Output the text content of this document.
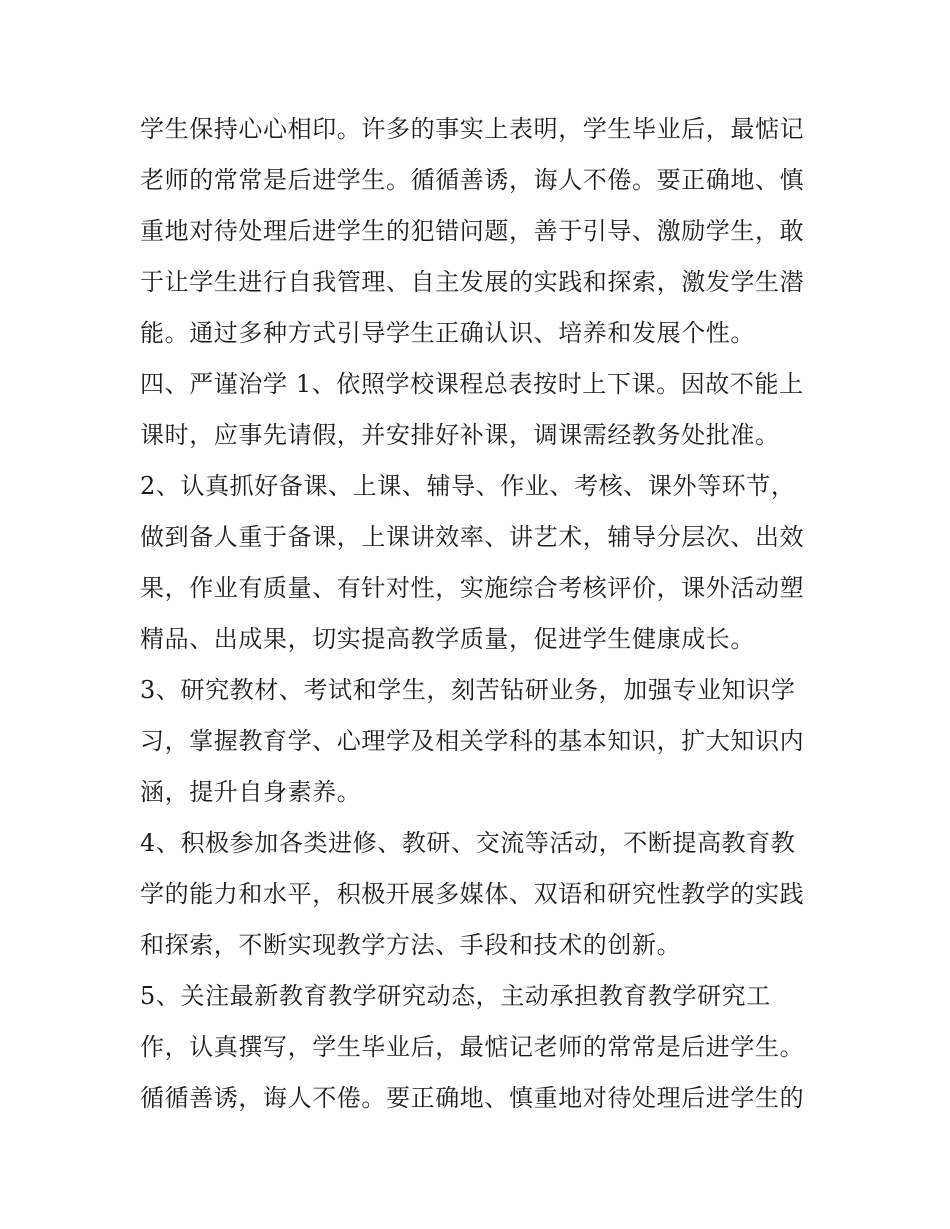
学生保持心心相印。许多的事实上表明，学生毕业后，最惦记
老师的常常是后进学生。循循善诱，诲人不倦。要正确地、慎
重地对待处理后进学生的犯错问题，善于引导、激励学生，敢
于让学生进行自我管理、自主发展的实践和探索，激发学生潜
能。通过多种方式引导学生正确认识、培养和发展个性。
四、严谨治学 1、依照学校课程总表按时上下课。因故不能上
课时，应事先请假，并安排好补课，调课需经教务处批准。
2、认真抓好备课、上课、辅导、作业、考核、课外等环节，
做到备人重于备课，上课讲效率、讲艺术，辅导分层次、出效
果，作业有质量、有针对性，实施综合考核评价，课外活动塑
精品、出成果，切实提高教学质量，促进学生健康成长。
3、研究教材、考试和学生，刻苦钻研业务，加强专业知识学
习，掌握教育学、心理学及相关学科的基本知识，扩大知识内
涵，提升自身素养。
4、积极参加各类进修、教研、交流等活动，不断提高教育教
学的能力和水平，积极开展多媒体、双语和研究性教学的实践
和探索，不断实现教学方法、手段和技术的创新。
5、关注最新教育教学研究动态，主动承担教育教学研究工
作，认真撰写，学生毕业后，最惦记老师的常常是后进学生。
循循善诱，诲人不倦。要正确地、慎重地对待处理后进学生的
